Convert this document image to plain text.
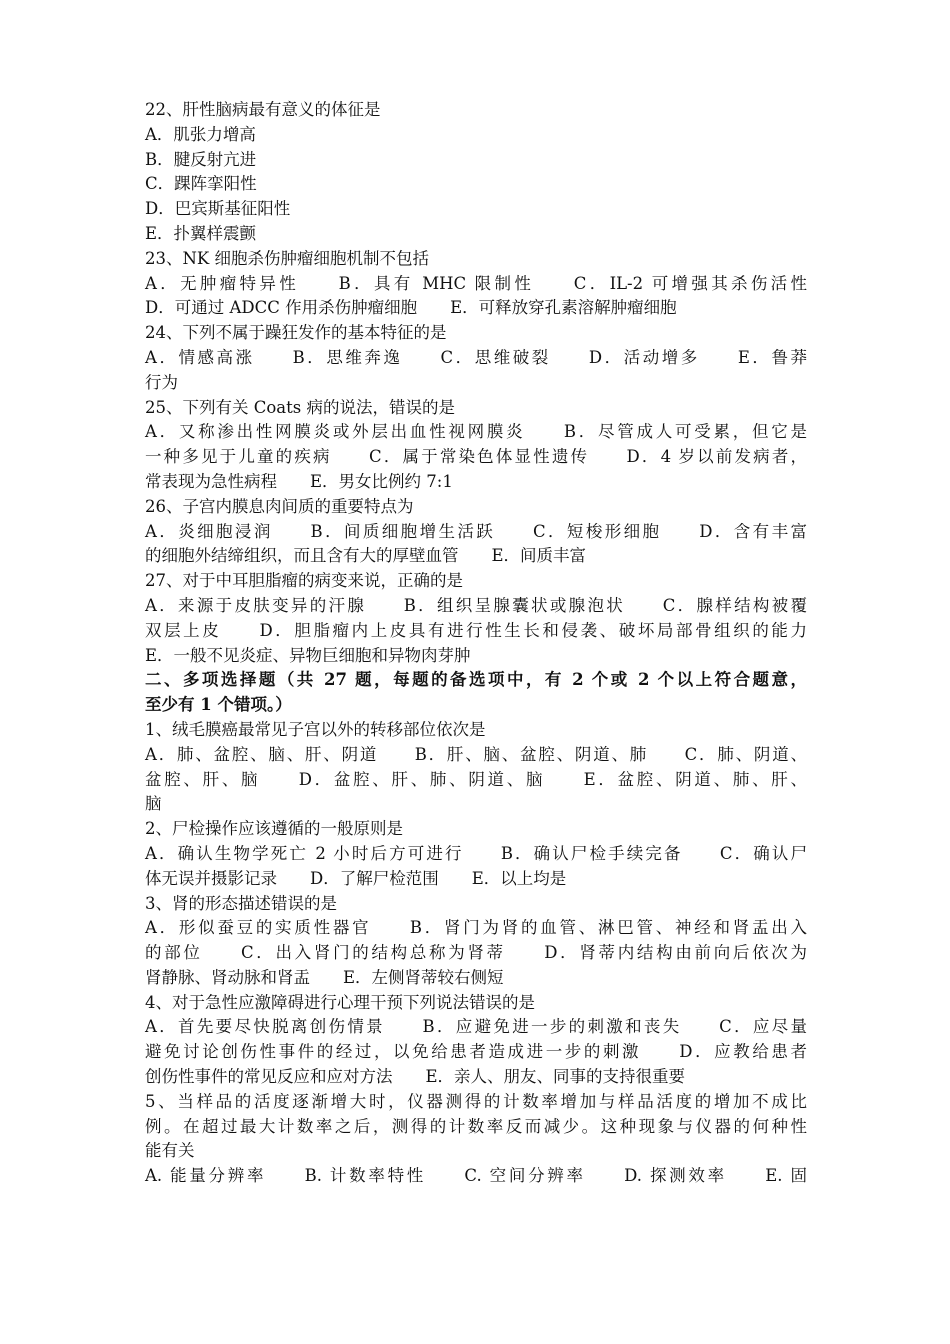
22、肝性脑病最有意义的体征是
A．肌张力增高
B．腱反射亢进
C．踝阵挛阳性
D．巴宾斯基征阳性
E．扑翼样震颤
23、NK 细胞杀伤肿瘤细胞机制不包括
A．无肿瘤特异性　　B．具有 MHC 限制性　　C．IL-2 可增强其杀伤活性
D．可通过 ADCC 作用杀伤肿瘤细胞　　E．可释放穿孔素溶解肿瘤细胞
24、下列不属于躁狂发作的基本特征的是
A．情感高涨　　B．思维奔逸　　C．思维破裂　　D．活动增多　　E．鲁莽
行为
25、下列有关 Coats 病的说法，错误的是
A．又称渗出性网膜炎或外层出血性视网膜炎　　B．尽管成人可受累，但它是
一种多见于儿童的疾病　　C．属于常染色体显性遗传　　D．4 岁以前发病者，
常表现为急性病程　　E．男女比例约 7:1
26、子宫内膜息肉间质的重要特点为
A．炎细胞浸润　　B．间质细胞增生活跃　　C．短梭形细胞　　D．含有丰富
的细胞外结缔组织，而且含有大的厚壁血管　　E．间质丰富
27、对于中耳胆脂瘤的病变来说，正确的是
A．来源于皮肤变异的汗腺　　B．组织呈腺囊状或腺泡状　　C．腺样结构被覆
双层上皮　　D．胆脂瘤内上皮具有进行性生长和侵袭、破坏局部骨组织的能力
E．一般不见炎症、异物巨细胞和异物肉芽肿
二、多项选择题（共 27 题，每题的备选项中，有 2 个或 2 个以上符合题意，
至少有 1 个错项。）
1、绒毛膜癌最常见子宫以外的转移部位依次是
A．肺、盆腔、脑、肝、阴道　　B．肝、脑、盆腔、阴道、肺　　C．肺、阴道、
盆腔、肝、脑　　D．盆腔、肝、肺、阴道、脑　　E．盆腔、阴道、肺、肝、
脑
2、尸检操作应该遵循的一般原则是
A．确认生物学死亡 2 小时后方可进行　　B．确认尸检手续完备　　C．确认尸
体无误并摄影记录　　D．了解尸检范围　　E．以上均是
3、肾的形态描述错误的是
A．形似蚕豆的实质性器官　　B．肾门为肾的血管、淋巴管、神经和肾盂出入
的部位　　C．出入肾门的结构总称为肾蒂　　D．肾蒂内结构由前向后依次为
肾静脉、肾动脉和肾盂　　E．左侧肾蒂较右侧短
4、对于急性应激障碍进行心理干预下列说法错误的是
A．首先要尽快脱离创伤情景　　B．应避免进一步的刺激和丧失　　C．应尽量
避免讨论创伤性事件的经过，以免给患者造成进一步的刺激　　D．应教给患者
创伤性事件的常见反应和应对方法　　E．亲人、朋友、同事的支持很重要
5、当样品的活度逐渐增大时，仪器测得的计数率增加与样品活度的增加不成比
例。在超过最大计数率之后，测得的计数率反而减少。这种现象与仪器的何种性
能有关
A. 能量分辨率　　B. 计数率特性　　C. 空间分辨率　　D. 探测效率　　E. 固
